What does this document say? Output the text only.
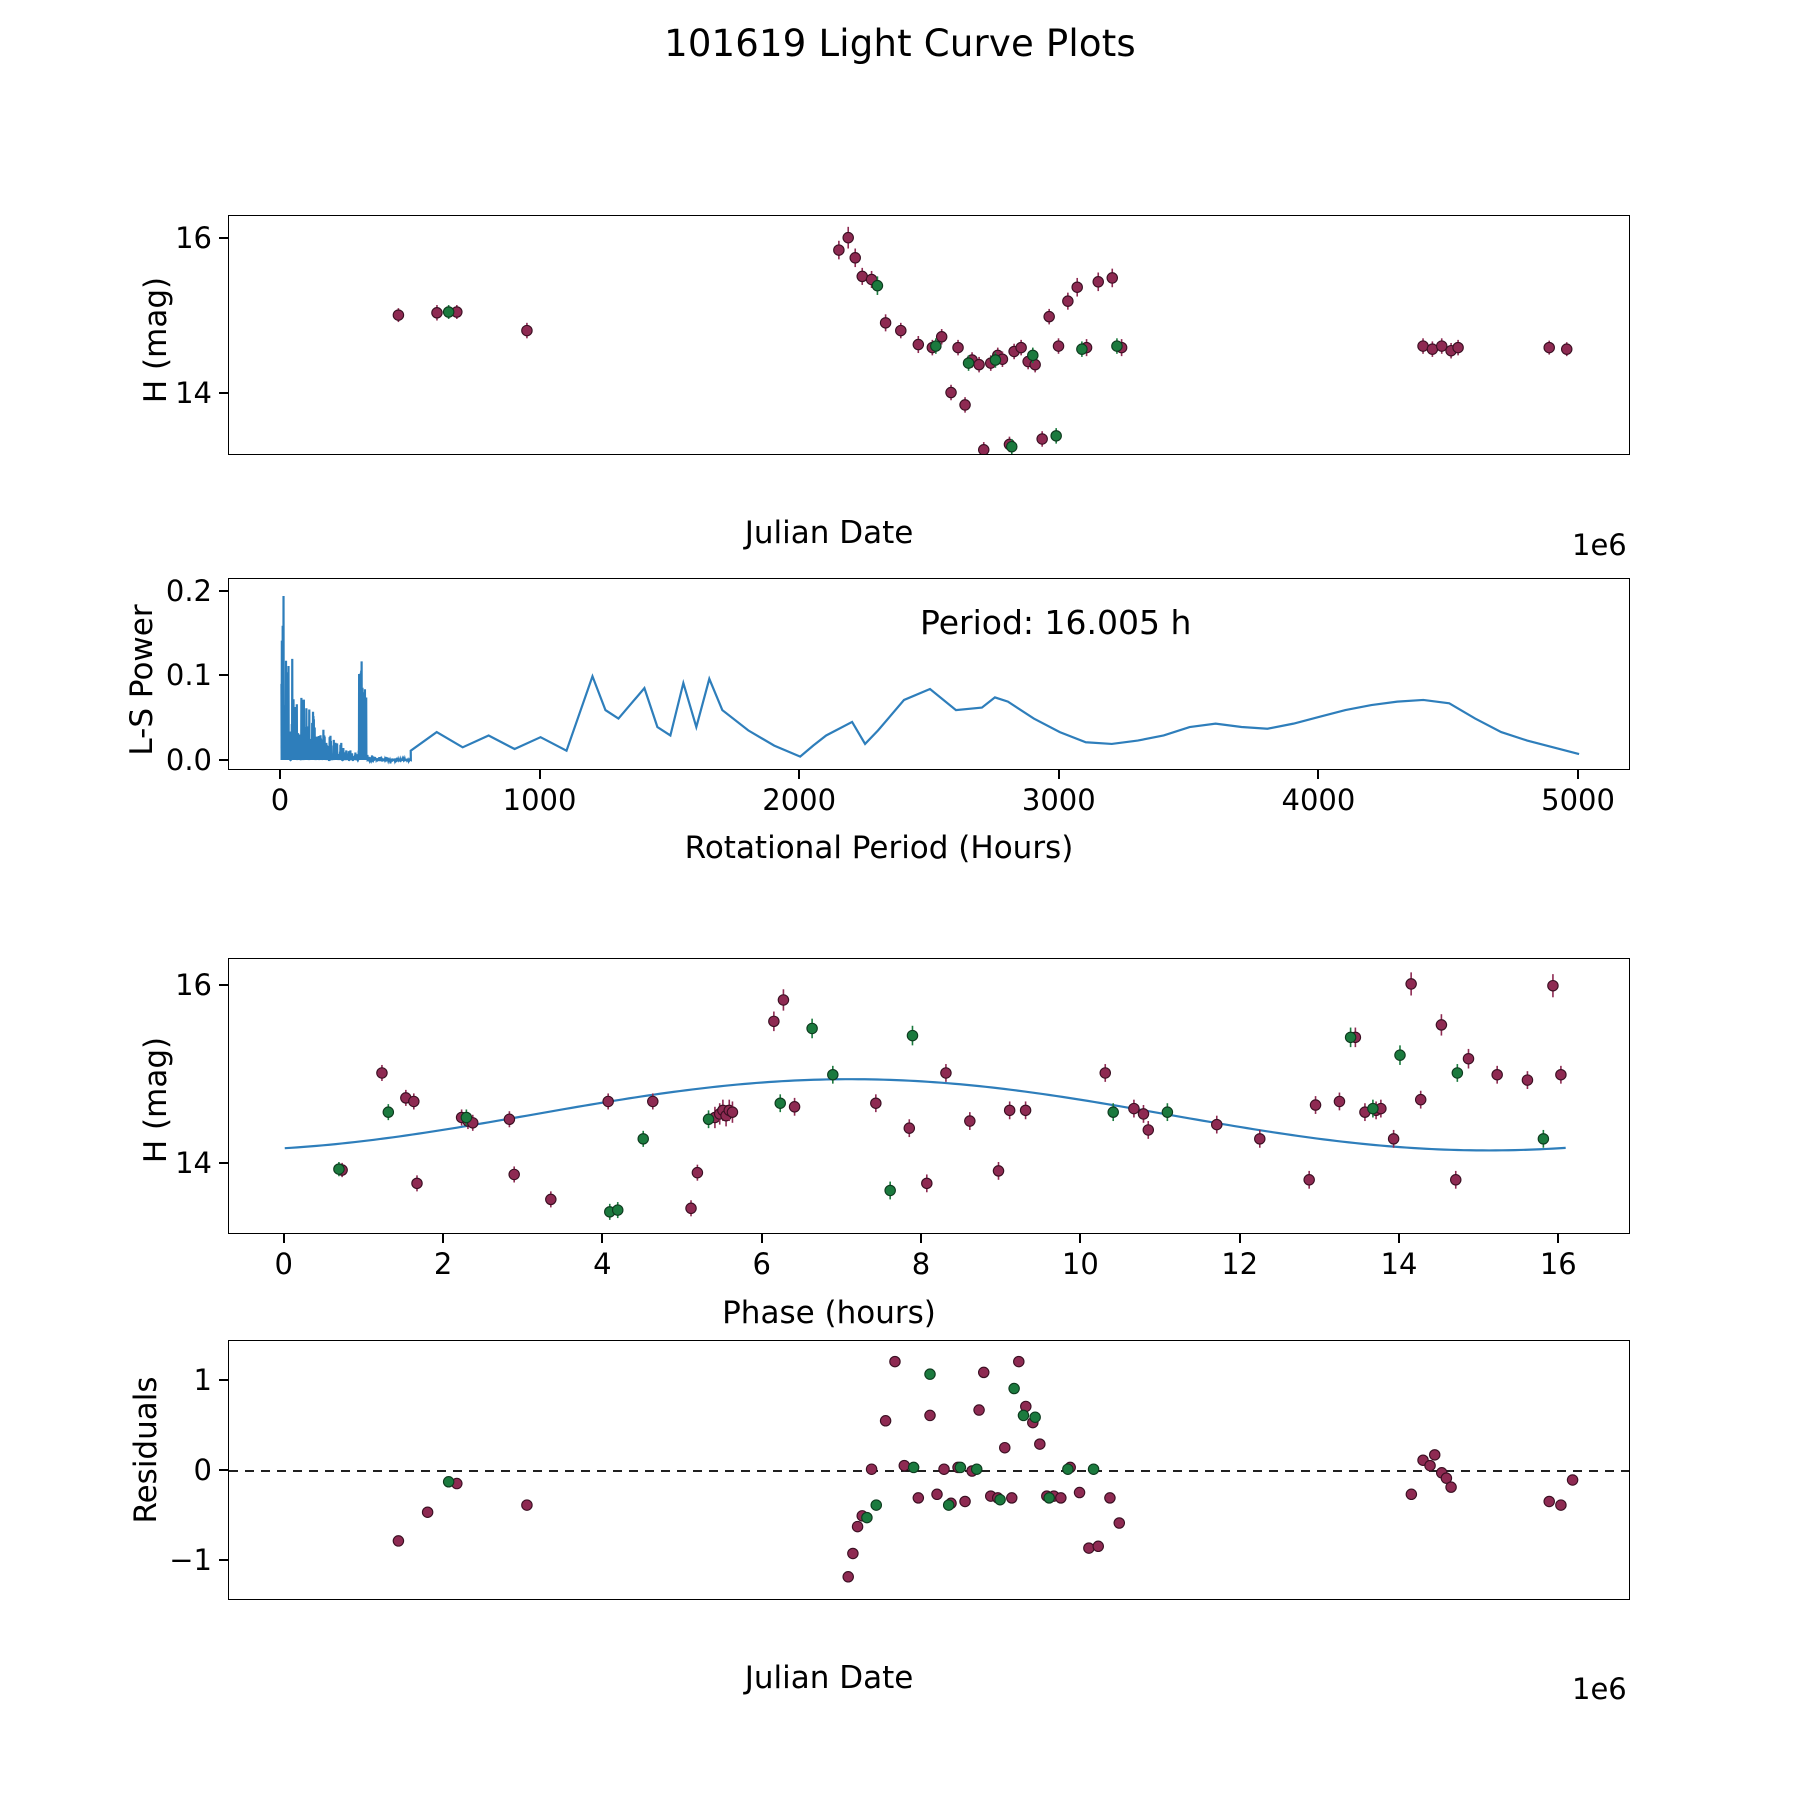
101619 Light Curve Plots
H (mag)
Julian Date	1e6
L-S Power
Rotational Period (Hours)
Period: 16.005 h
H (mag)
Phase (hours)
Residuals
Julian Date	1e6
14
16
0	1000	2000	3000	4000	5000
0.0
0.1
0.2
0	2	4	6	8	10	12	14	16
14
16
−1
0
1
